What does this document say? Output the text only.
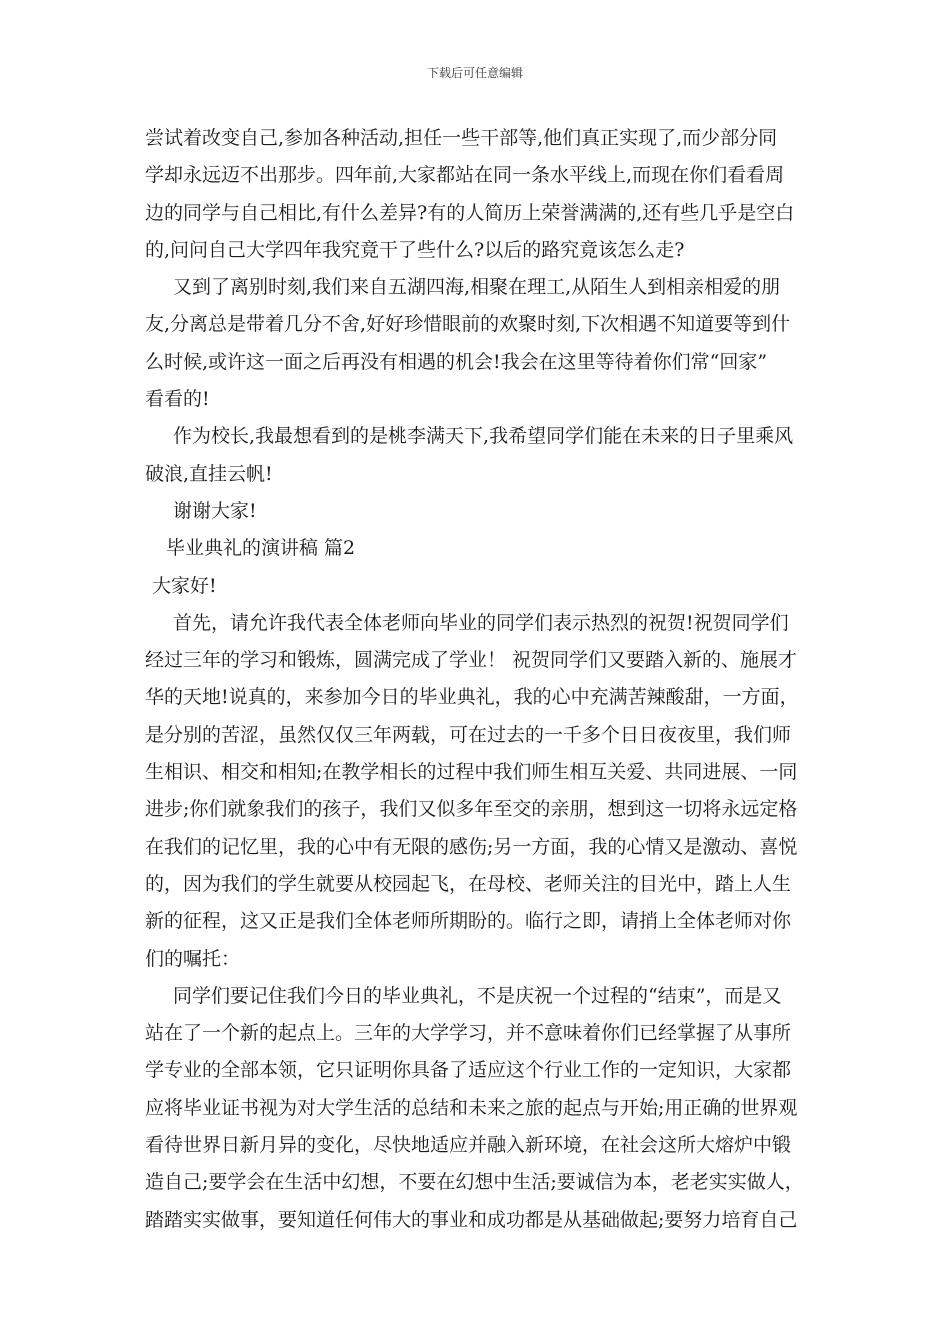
下载后可任意编辑
尝试着改变自己,参加各种活动,担任一些干部等,他们真正实现了,而少部分同
学却永远迈不出那步。四年前,大家都站在同一条水平线上,而现在你们看看周
边的同学与自己相比,有什么差异?有的人简历上荣誉满满的,还有些几乎是空白
的,问问自己大学四年我究竟干了些什么?以后的路究竟该怎么走?
又到了离别时刻,我们来自五湖四海,相聚在理工,从陌生人到相亲相爱的朋
友,分离总是带着几分不舍,好好珍惜眼前的欢聚时刻,下次相遇不知道要等到什
么时候,或许这一面之后再没有相遇的机会!我会在这里等待着你们常“回家”
看看的!
作为校长,我最想看到的是桃李满天下,我希望同学们能在未来的日子里乘风
破浪,直挂云帆!
谢谢大家!
毕业典礼的演讲稿 篇2
大家好!
首先，请允许我代表全体老师向毕业的同学们表示热烈的祝贺!祝贺同学们
经过三年的学习和锻炼，圆满完成了学业！ 祝贺同学们又要踏入新的、施展才
华的天地!说真的，来参加今日的毕业典礼，我的心中充满苦辣酸甜，一方面，
是分别的苦涩，虽然仅仅三年两载，可在过去的一千多个日日夜夜里，我们师
生相识、相交和相知;在教学相长的过程中我们师生相互关爱、共同进展、一同
进步;你们就象我们的孩子，我们又似多年至交的亲朋，想到这一切将永远定格
在我们的记忆里，我的心中有无限的感伤;另一方面，我的心情又是激动、喜悦
的，因为我们的学生就要从校园起飞，在母校、老师关注的目光中，踏上人生
新的征程，这又正是我们全体老师所期盼的。临行之即，请捎上全体老师对你
们的嘱托：
同学们要记住我们今日的毕业典礼，不是庆祝一个过程的“结束”，而是又
站在了一个新的起点上。三年的大学学习，并不意味着你们已经掌握了从事所
学专业的全部本领，它只证明你具备了适应这个行业工作的一定知识，大家都
应将毕业证书视为对大学生活的总结和未来之旅的起点与开始;用正确的世界观
看待世界日新月异的变化，尽快地适应并融入新环境，在社会这所大熔炉中锻
造自己;要学会在生活中幻想，不要在幻想中生活;要诚信为本，老老实实做人，
踏踏实实做事，要知道任何伟大的事业和成功都是从基础做起;要努力培育自己
